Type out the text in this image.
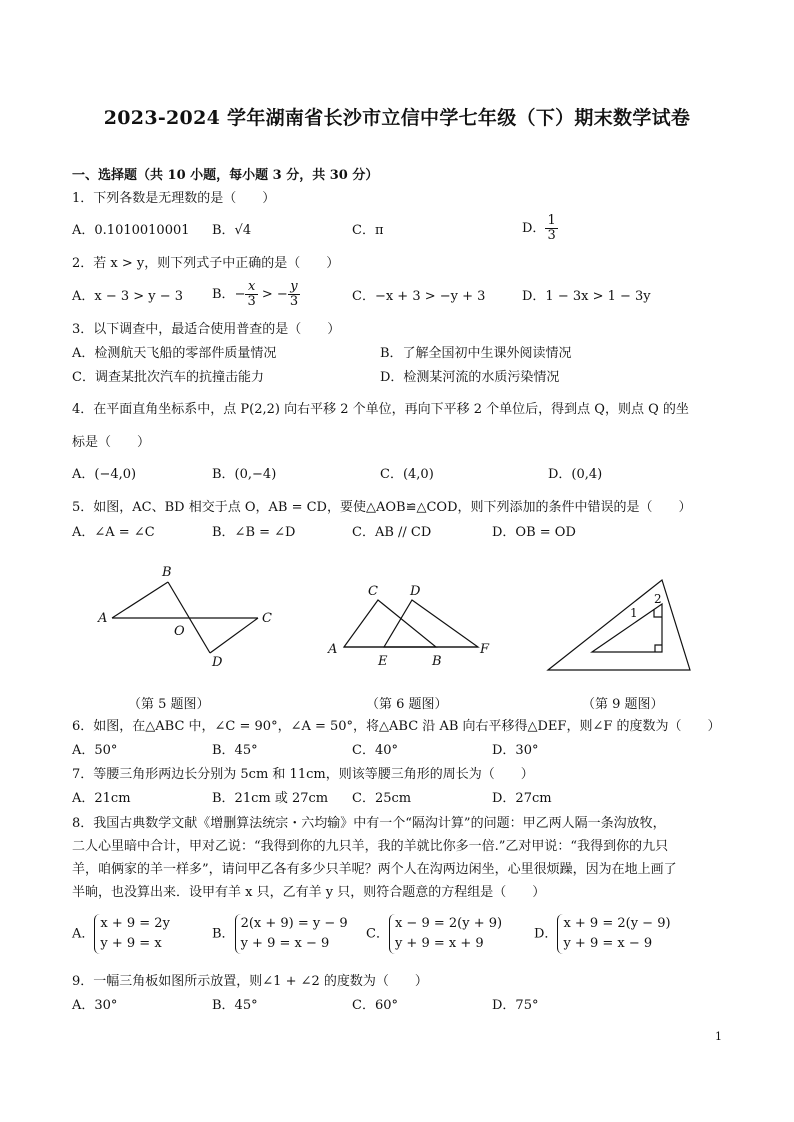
2023-2024 学年湖南省长沙市立信中学七年级（下）期末数学试卷
一、选择题（共 10 小题，每小题 3 分，共 30 分）
1．下列各数是无理数的是（　　）
A．0.1010010001 B．√4	C．π	D． $\frac{1}{3}$
2．若 x > y，则下列式子中正确的是（　　）
A．x − 3 > y − 3 B．− $\frac{x}{3}$ > − $\frac{y}{3}$	C．−x + 3 > −y + 3	D．1 − 3x > 1 − 3y
3．以下调查中，最适合使用普查的是（　　）
A．检测航天飞船的零部件质量情况	B．了解全国初中生课外阅读情况
C．调查某批次汽车的抗撞击能力	D．检测某河流的水质污染情况
4．在平面直角坐标系中，点 P(2,2) 向右平移 2 个单位，再向下平移 2 个单位后，得到点 Q，则点 Q 的坐
标是（　　）
A．(−4,0)	B．(0,−4)	C．(4,0)	D．(0,4)
5．如图，AC、BD 相交于点 O，AB = CD，要使△AOB≌△COD，则下列添加的条件中错误的是（　　）
A．∠A = ∠C	B．∠B = ∠D	C．AB // CD	D．OB = OD
A
B
O
C
D
A
C D
E	B
F
1
2
（第 5 题图）	（第 6 题图）	（第 9 题图）
6．如图，在△ABC 中，∠C = 90°，∠A = 50°，将△ABC 沿 AB 向右平移得△DEF，则∠F 的度数为（　　）
A．50°	B．45°	C．40°	D．30°
7．等腰三角形两边长分别为 5cm 和 11cm，则该等腰三角形的周长为（　　）
A．21cm	B．21cm 或 27cm C．25cm	D．27cm
8．我国古典数学文献《增删算法统宗・六均输》中有一个“隔沟计算”的问题：甲乙两人隔一条沟放牧，
二人心里暗中合计，甲对乙说：“我得到你的九只羊，我的羊就比你多一倍.”乙对甲说：“我得到你的九只
羊，咱俩家的羊一样多”，请问甲乙各有多少只羊呢？两个人在沟两边闲坐，心里很烦躁，因为在地上画了
半晌，也没算出来．设甲有羊 x 只，乙有羊 y 只，则符合题意的方程组是（　　）
A．
x + 9 = 2y
y + 9 = x
B．
2(x + 9) = y − 9
y + 9 = x − 9
C．
x − 9 = 2(y + 9)
y + 9 = x + 9
D．
x + 9 = 2(y − 9)
y + 9 = x − 9
9．一幅三角板如图所示放置，则∠1 + ∠2 的度数为（　　）
A．30°	B．45°	C．60°	D．75°
1
